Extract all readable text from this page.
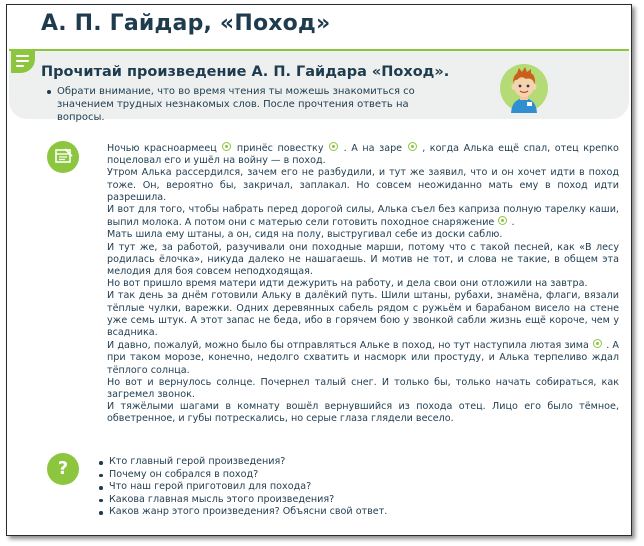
А. П. Гайдар, «Поход»
Прочитай произведение А. П. Гайдара «Поход».
Обрати внимание, что во время чтения ты можешь знакомиться со значением трудных незнакомых слов. После прочтения ответь на вопросы.

Ночью красноармеец принёс повестку . А на заре , когда Алька ещё спал, отец крепко поцеловал его и ушёл на войну — в поход.

Утром Алька рассердился, зачем его не разбудили, и тут же заявил, что и он хочет идти в поход тоже. Он, вероятно бы, закричал, заплакал. Но совсем неожиданно мать ему в поход идти разрешила.

И вот для того, чтобы набрать перед дорогой силы, Алька съел без каприза полную тарелку каши, выпил молока. А потом они с матерью сели готовить походное снаряжение .

Мать шила ему штаны, а он, сидя на полу, выстругивал себе из доски саблю.

И тут же, за работой, разучивали они походные марши, потому что с такой песней, как «В лесу родилась ёлочка», никуда далеко не нашагаешь. И мотив не тот, и слова не такие, в общем эта мелодия для боя совсем неподходящая.

Но вот пришло время матери идти дежурить на работу, и дела свои они отложили на завтра.

И так день за днём готовили Альку в далёкий путь. Шили штаны, рубахи, знамёна, флаги, вязали тёплые чулки, варежки. Одних деревянных сабель рядом с ружьём и барабаном висело на стене уже семь штук. А этот запас не беда, ибо в горячем бою у звонкой сабли жизнь ещё короче, чем у всадника.

И давно, пожалуй, можно было бы отправляться Альке в поход, но тут наступила лютая зима . А при таком морозе, конечно, недолго схватить и насморк или простуду, и Алька терпеливо ждал тёплого солнца.

Но вот и вернулось солнце. Почернел талый снег. И только бы, только начать собираться, как загремел звонок.

И тяжёлыми шагами в комнату вошёл вернувшийся из похода отец. Лицо его было тёмное, обветренное, и губы потрескались, но серые глаза глядели весело.

?	Кто главный герой произведения?
Почему он собрался в поход?
Что наш герой приготовил для похода?
Какова главная мысль этого произведения?
Каков жанр этого произведения? Объясни свой ответ.
